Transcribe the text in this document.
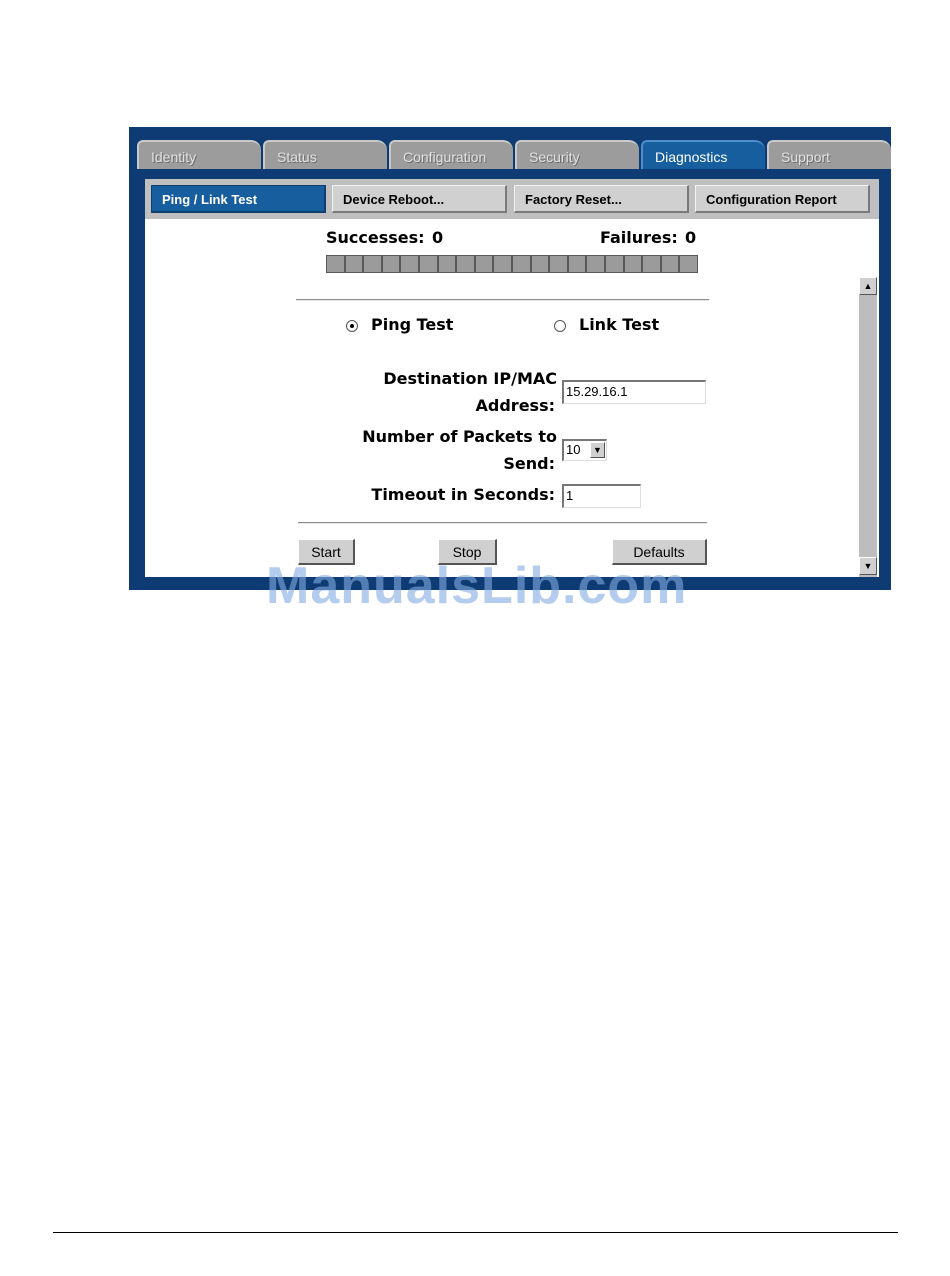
Identity	Status	Configuration	Security	Diagnostics	Support
Ping / Link Test	Device Reboot...	Factory Reset...	Configuration Report
Successes: 0	Failures: 0
Ping Test	Link Test
Destination IP/MAC
Address:
15.29.16.1
Number of Packets to
Send:
10	▼
Timeout in Seconds: 1
Start	Stop	Defaults
▲
▼
ManualsLib.com
